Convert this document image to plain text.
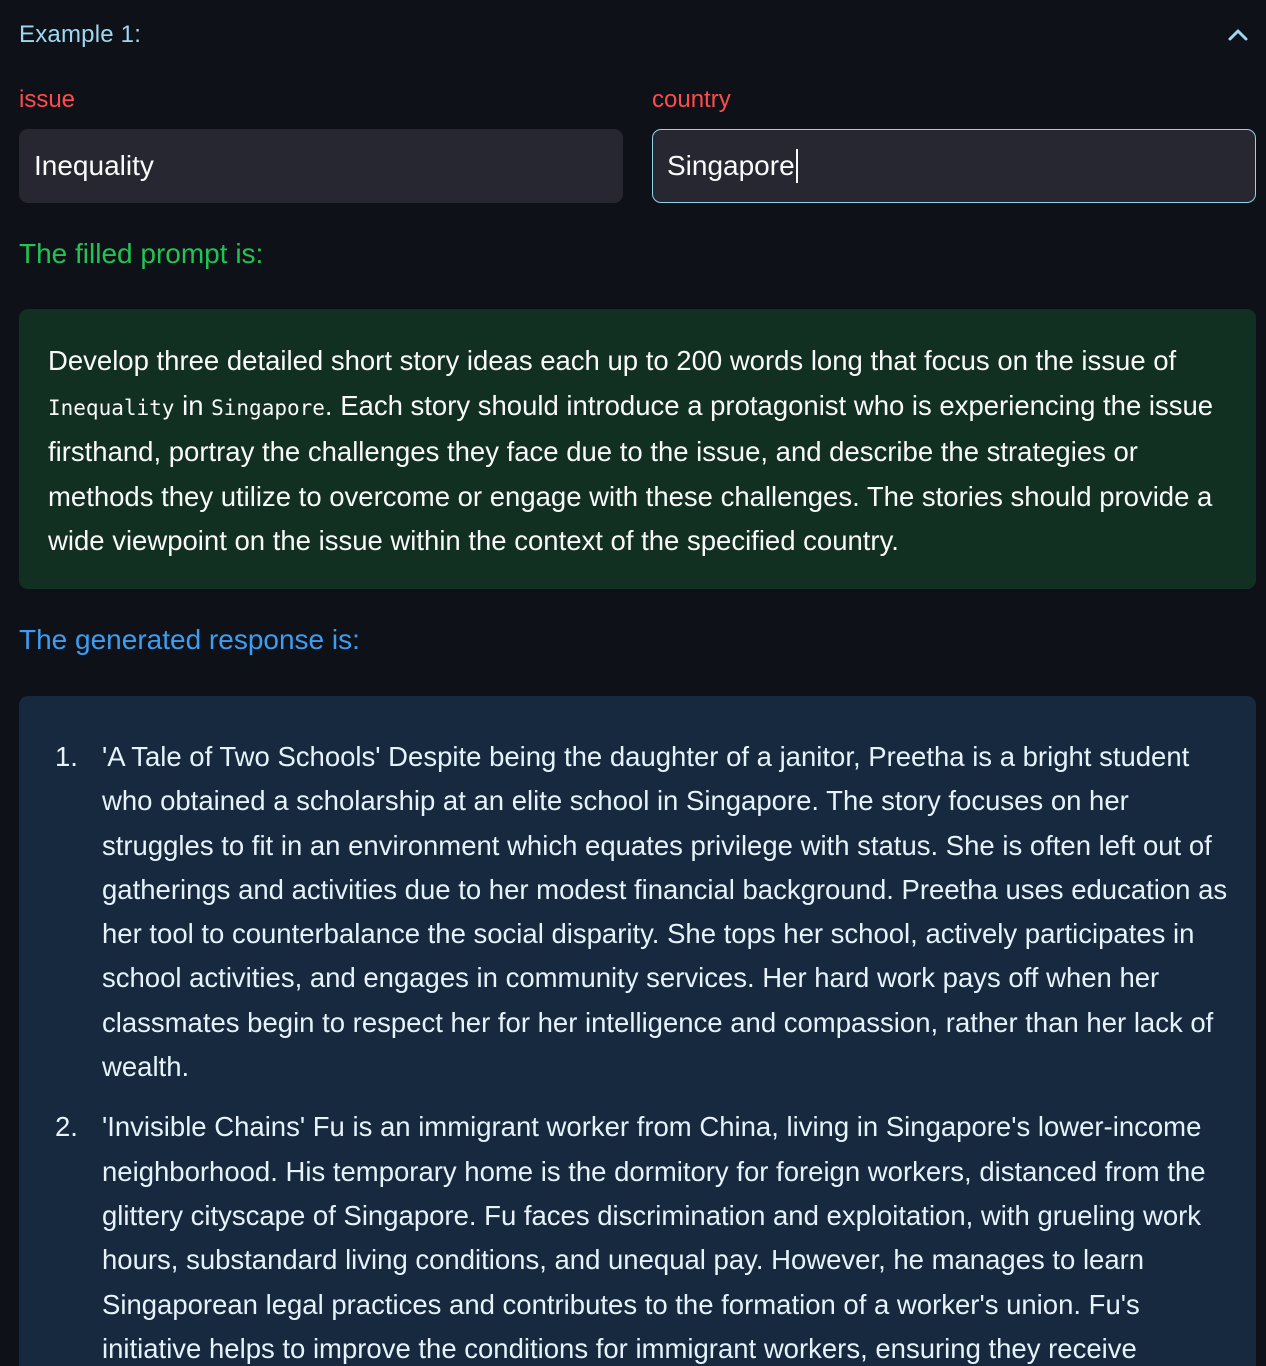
Example 1:
issue
Inequality
country
Singapore
The filled prompt is:
Develop three detailed short story ideas each up to 200 words long that focus on the issue of Inequality in Singapore. Each story should introduce a protagonist who is experiencing the issue firsthand, portray the challenges they face due to the issue, and describe the strategies or methods they utilize to overcome or engage with these challenges. The stories should provide a wide viewpoint on the issue within the context of the specified country.
The generated response is:
1. 'A Tale of Two Schools' Despite being the daughter of a janitor, Preetha is a bright student who obtained a scholarship at an elite school in Singapore. The story focuses on her struggles to fit in an environment which equates privilege with status. She is often left out of gatherings and activities due to her modest financial background. Preetha uses education as her tool to counterbalance the social disparity. She tops her school, actively participates in school activities, and engages in community services. Her hard work pays off when her classmates begin to respect her for her intelligence and compassion, rather than her lack of wealth.
2. 'Invisible Chains' Fu is an immigrant worker from China, living in Singapore's lower-income neighborhood. His temporary home is the dormitory for foreign workers, distanced from the glittery cityscape of Singapore. Fu faces discrimination and exploitation, with grueling work hours, substandard living conditions, and unequal pay. However, he manages to learn Singaporean legal practices and contributes to the formation of a worker's union. Fu's initiative helps to improve the conditions for immigrant workers, ensuring they receive
